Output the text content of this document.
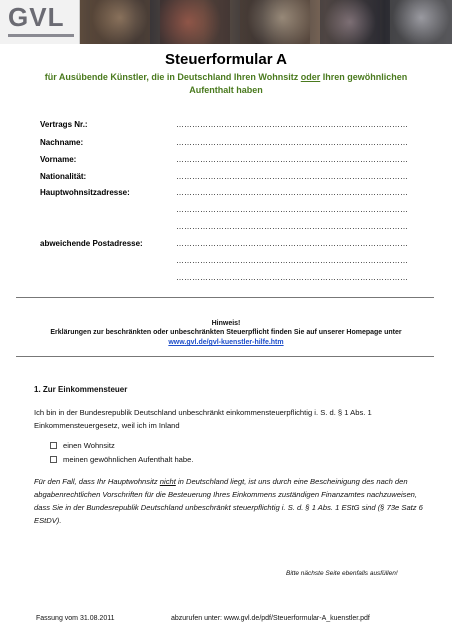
GVL
Steuerformular A
für Ausübende Künstler, die in Deutschland Ihren Wohnsitz oder Ihren gewöhnlichen Aufenthalt haben
Vertrags Nr.:	……………………………………………………………………………
Nachname:	……………………………………………………………………………
Vorname:	……………………………………………………………………………
Nationalität:	……………………………………………………………………………
Hauptwohnsitzadresse:	……………………………………………………………………………
……………………………………………………………………………
……………………………………………………………………………
abweichende Postadresse:	……………………………………………………………………………
……………………………………………………………………………
……………………………………………………………………………
Hinweis!
Erklärungen zur beschränkten oder unbeschränkten Steuerpflicht finden Sie auf unserer Homepage unter
www.gvl.de/gvl-kuenstler-hilfe.htm
1. Zur Einkommensteuer
Ich bin in der Bundesrepublik Deutschland unbeschränkt einkommensteuerpflichtig i. S. d. § 1 Abs. 1 Einkommensteuergesetz, weil ich im Inland
einen Wohnsitz
meinen gewöhnlichen Aufenthalt habe.
Für den Fall, dass Ihr Hauptwohnsitz nicht in Deutschland liegt, ist uns durch eine Bescheinigung des nach den abgabenrechtlichen Vorschriften für die Besteuerung Ihres Einkommens zuständigen Finanzamtes nachzuweisen, dass Sie in der Bundesrepublik Deutschland unbeschränkt steuerpflichtig i. S. d. § 1 Abs. 1 EStG sind (§ 73e Satz 6 EStDV).
Bitte nächste Seite ebenfalls ausfüllen!
Fassung vom 31.08.2011	abzurufen unter: www.gvl.de/pdf/Steuerformular-A_kuenstler.pdf
